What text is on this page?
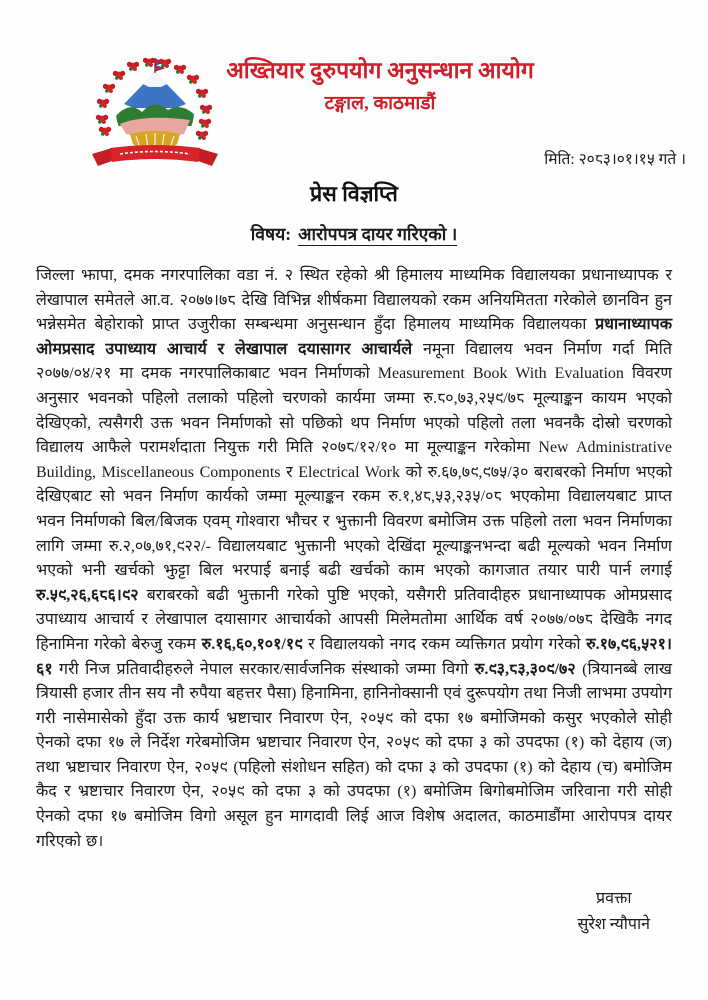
अख्तियार दुरुपयोग अनुसन्धान आयोग
टङ्गाल, काठमाडौं
मिति: २०८३।०१।१५ गते ।
प्रेस विज्ञप्ति
विषय: आरोपपत्र दायर गरिएको ।

जिल्ला झापा, दमक नगरपालिका वडा नं. २ स्थित रहेको श्री हिमालय माध्यमिक विद्यालयका प्रधानाध्यापक र लेखापाल समेतले आ.व. २०७७।७८ देखि विभिन्न शीर्षकमा विद्यालयको रकम अनियमितता गरेकोले छानविन हुन भन्नेसमेत बेहोराको प्राप्त उजुरीका सम्बन्धमा अनुसन्धान हुँदा हिमालय माध्यमिक विद्यालयका प्रधानाध्यापक ओमप्रसाद उपाध्याय आचार्य र लेखापाल दयासागर आचार्यले नमूना विद्यालय भवन निर्माण गर्दा मिति २०७७/०४/२१ मा दमक नगरपालिकाबाट भवन निर्माणको Measurement Book With Evaluation विवरण अनुसार भवनको पहिलो तलाको पहिलो चरणको कार्यमा जम्मा रु.८०,७३,२५९/७८ मूल्याङ्कन कायम भएको देखिएको, त्यसैगरी उक्त भवन निर्माणको सो पछिको थप निर्माण भएको पहिलो तला भवनकै दोस्रो चरणको विद्यालय आफैले परामर्शदाता नियुक्त गरी मिति २०७८/१२/१० मा मूल्याङ्कन गरेकोमा New Administrative Building, Miscellaneous Components र Electrical Work को रु.६७,७९,९७५/३० बराबरको निर्माण भएको देखिएबाट सो भवन निर्माण कार्यको जम्मा मूल्याङ्कन रकम रु.१,४८,५३,२३५/०८ भएकोमा विद्यालयबाट प्राप्त भवन निर्माणको बिल/बिजक एवम् गोश्वारा भौचर र भुक्तानी विवरण बमोजिम उक्त पहिलो तला भवन निर्माणका लागि जम्मा रु.२,०७,७१,९२२/- विद्यालयबाट भुक्तानी भएको देखिंदा मूल्याङ्कनभन्दा बढी मूल्यको भवन निर्माण भएको भनी खर्चको झुट्टा बिल भरपाई बनाई बढी खर्चको काम भएको कागजात तयार पारी पार्न लगाई रु.५९,२६,६८६।९२ बराबरको बढी भुक्तानी गरेको पुष्टि भएको, यसैगरी प्रतिवादीहरु प्रधानाध्यापक ओमप्रसाद उपाध्याय आचार्य र लेखापाल दयासागर आचार्यको आपसी मिलेमतोमा आर्थिक वर्ष २०७७/०७८ देखिकै नगद हिनामिना गरेको बेरुजु रकम रु.१६,६०,१०१/१९ र विद्यालयको नगद रकम व्यक्तिगत प्रयोग गरेको रु.१७,९६,५२१।६१ गरी निज प्रतिवादीहरुले नेपाल सरकार/सार्वजनिक संस्थाको जम्मा विगो रु.९३,८३,३०९/७२ (त्रियानब्बे लाख त्रियासी हजार तीन सय नौ रुपैया बहत्तर पैसा) हिनामिना, हानिनोक्सानी एवं दुरूपयोग तथा निजी लाभमा उपयोग गरी नासेमासेको हुँदा उक्त कार्य भ्रष्टाचार निवारण ऐन, २०५९ को दफा १७ बमोजिमको कसुर भएकोले सोही ऐनको दफा १७ ले निर्देश गरेबमोजिम भ्रष्टाचार निवारण ऐन, २०५९ को दफा ३ को उपदफा (१) को देहाय (ज) तथा भ्रष्टाचार निवारण ऐन, २०५९ (पहिलो संशोधन सहित) को दफा ३ को उपदफा (१) को देहाय (च) बमोजिम कैद र भ्रष्टाचार निवारण ऐन, २०५९ को दफा ३ को उपदफा (१) बमोजिम बिगोबमोजिम जरिवाना गरी सोही ऐनको दफा १७ बमोजिम विगो असूल हुन मागदावी लिई आज विशेष अदालत, काठमाडौंमा आरोपपत्र दायर गरिएको छ।

प्रवक्ता
सुरेश न्यौपाने
